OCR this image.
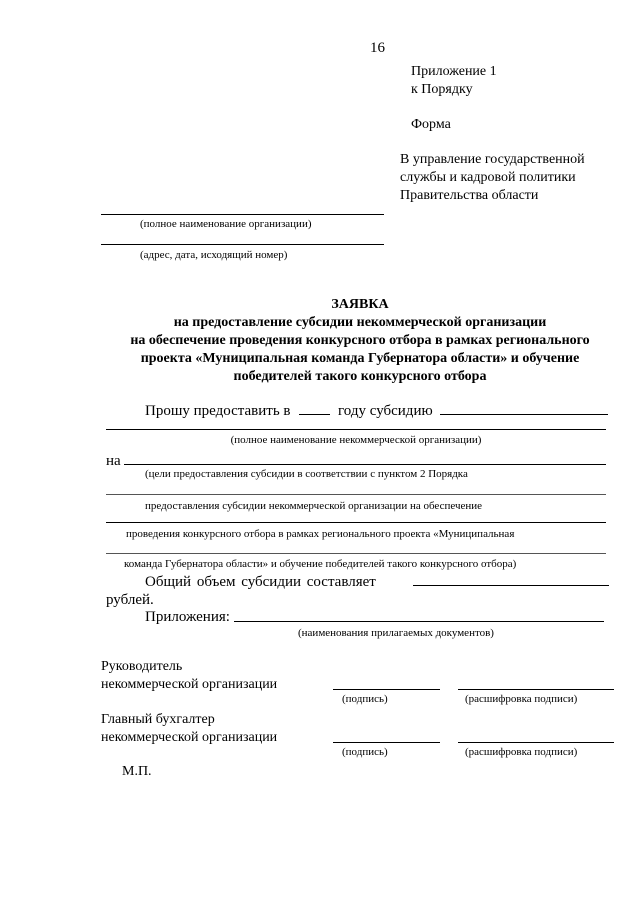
16
Приложение 1
к Порядку
Форма
В управление государственной
службы и кадровой политики
Правительства области
(полное наименование организации)
(адрес, дата, исходящий номер)
ЗАЯВКА
на предоставление субсидии некоммерческой организации
на обеспечение проведения конкурсного отбора в рамках регионального
проекта «Муниципальная команда Губернатора области» и обучение
победителей такого конкурсного отбора
Прошу предоставить в	году субсидию
(полное наименование некоммерческой организации)
на
(цели предоставления субсидии в соответствии с пунктом 2 Порядка
предоставления субсидии некоммерческой организации на обеспечение
проведения конкурсного отбора в рамках регионального проекта «Муниципальная
команда Губернатора области» и обучение победителей такого конкурсного отбора)
Общий объем субсидии составляет
рублей.
Приложения:
(наименования прилагаемых документов)
Руководитель
некоммерческой организации
(подпись)	(расшифровка подписи)
Главный бухгалтер
некоммерческой организации
(подпись)	(расшифровка подписи)
М.П.
